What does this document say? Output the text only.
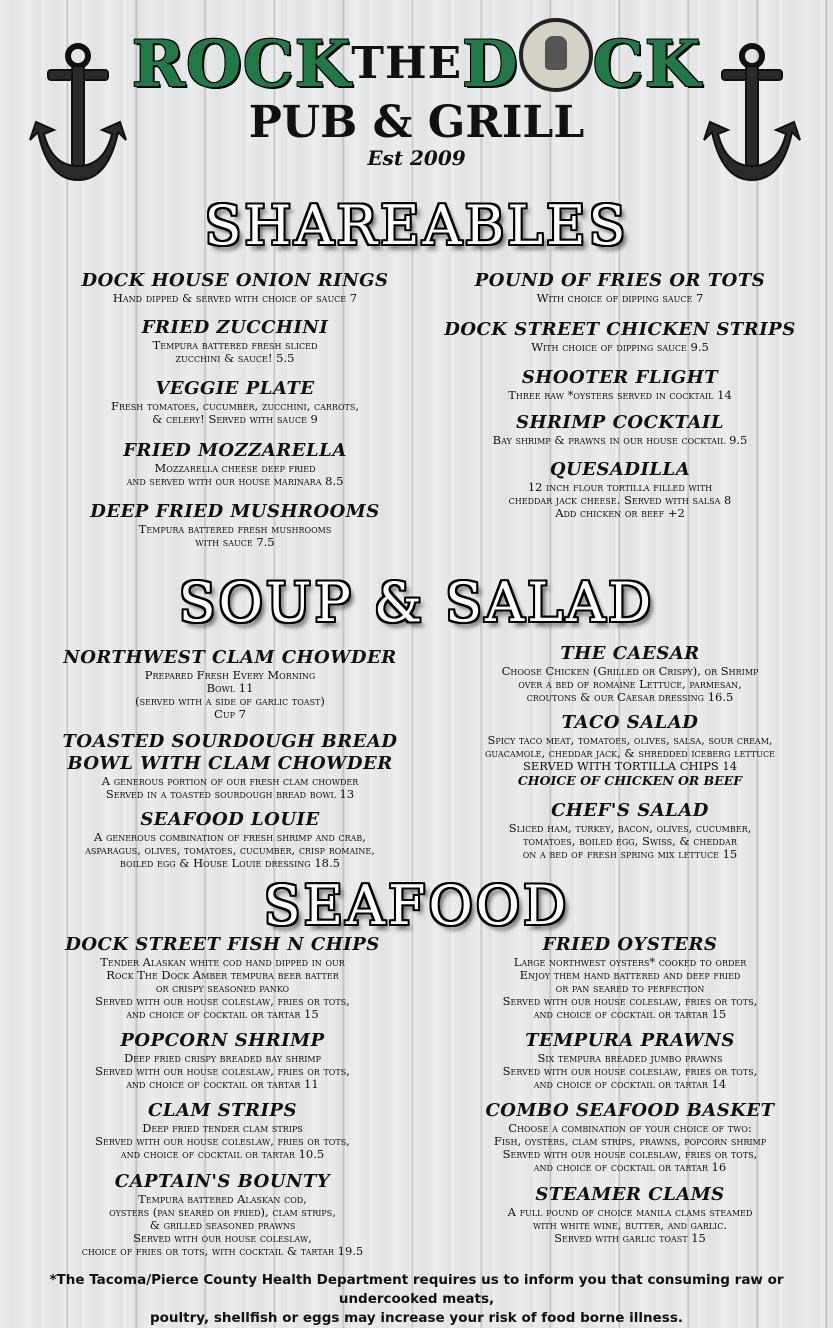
ROCKTHED CK
PUB & GRILL
Est 2009
SHAREABLES
DOCK HOUSE ONION RINGS
Hand dipped & served with choice of sauce 7
FRIED ZUCCHINI
Tempura battered fresh sliced
zucchini & sauce! 5.5
VEGGIE PLATE
Fresh tomatoes, cucumber, zucchini, carrots,
& celery! Served with sauce 9
FRIED MOZZARELLA
Mozzarella cheese deep fried
and served with our house marinara 8.5
DEEP FRIED MUSHROOMS
Tempura battered fresh mushrooms
with sauce 7.5
POUND OF FRIES OR TOTS
With choice of dipping sauce 7
DOCK STREET CHICKEN STRIPS
With choice of dipping sauce 9.5
SHOOTER FLIGHT
Three raw *oysters served in cocktail 14
SHRIMP COCKTAIL
Bay shrimp & prawns in our house cocktail 9.5
QUESADILLA
12 inch flour tortilla filled with
cheddar jack cheese. Served with salsa 8
Add chicken or beef +2
SOUP & SALAD
NORTHWEST CLAM CHOWDER
Prepared Fresh Every Morning
Bowl 11
(served with a side of garlic toast)
Cup 7
TOASTED SOURDOUGH BREAD
BOWL WITH CLAM CHOWDER
A generous portion of our fresh clam chowder
Served in a toasted sourdough bread bowl 13
SEAFOOD LOUIE
A generous combination of fresh shrimp and crab,
asparagus, olives, tomatoes, cucumber, crisp romaine,
boiled egg & House Louie dressing 18.5
THE CAESAR
Choose Chicken (Grilled or Crispy), or Shrimp
over a bed of romaine Lettuce, parmesan,
croutons & our Caesar dressing 16.5
TACO SALAD
Spicy taco meat, tomatoes, olives, salsa, sour cream,
guacamole, cheddar jack, & shredded iceberg lettuce
SERVED WITH TORTILLA CHIPS 14
CHOICE OF CHICKEN OR BEEF
CHEF'S SALAD
Sliced ham, turkey, bacon, olives, cucumber,
tomatoes, boiled egg, Swiss, & cheddar
on a bed of fresh spring mix lettuce 15
SEAFOOD
DOCK STREET FISH N CHIPS
Tender Alaskan white cod hand dipped in our
Rock The Dock Amber tempura beer batter
or crispy seasoned panko
Served with our house coleslaw, fries or tots,
and choice of cocktail or tartar 15
POPCORN SHRIMP
Deep fried crispy breaded bay shrimp
Served with our house coleslaw, fries or tots,
and choice of cocktail or tartar 11
CLAM STRIPS
Deep fried tender clam strips
Served with our house coleslaw, fries or tots,
and choice of cocktail or tartar 10.5
CAPTAIN'S BOUNTY
Tempura battered Alaskan cod,
oysters (pan seared or fried), clam strips,
& grilled seasoned prawns
Served with our house coleslaw,
choice of fries or tots, with cocktail & tartar 19.5
FRIED OYSTERS
Large northwest oysters* cooked to order
Enjoy them hand battered and deep fried
or pan seared to perfection
Served with our house coleslaw, fries or tots,
and choice of cocktail or tartar 15
TEMPURA PRAWNS
Six tempura breaded jumbo prawns
Served with our house coleslaw, fries or tots,
and choice of cocktail or tartar 14
COMBO SEAFOOD BASKET
Choose a combination of your choice of two:
Fish, oysters, clam strips, prawns, popcorn shrimp
Served with our house coleslaw, fries or tots,
and choice of cocktail or tartar 16
STEAMER CLAMS
A full pound of choice manila clams steamed
with white wine, butter, and garlic.
Served with garlic toast 15
*The Tacoma/Pierce County Health Department requires us to inform you that consuming raw or undercooked meats,
poultry, shellfish or eggs may increase your risk of food borne illness.
